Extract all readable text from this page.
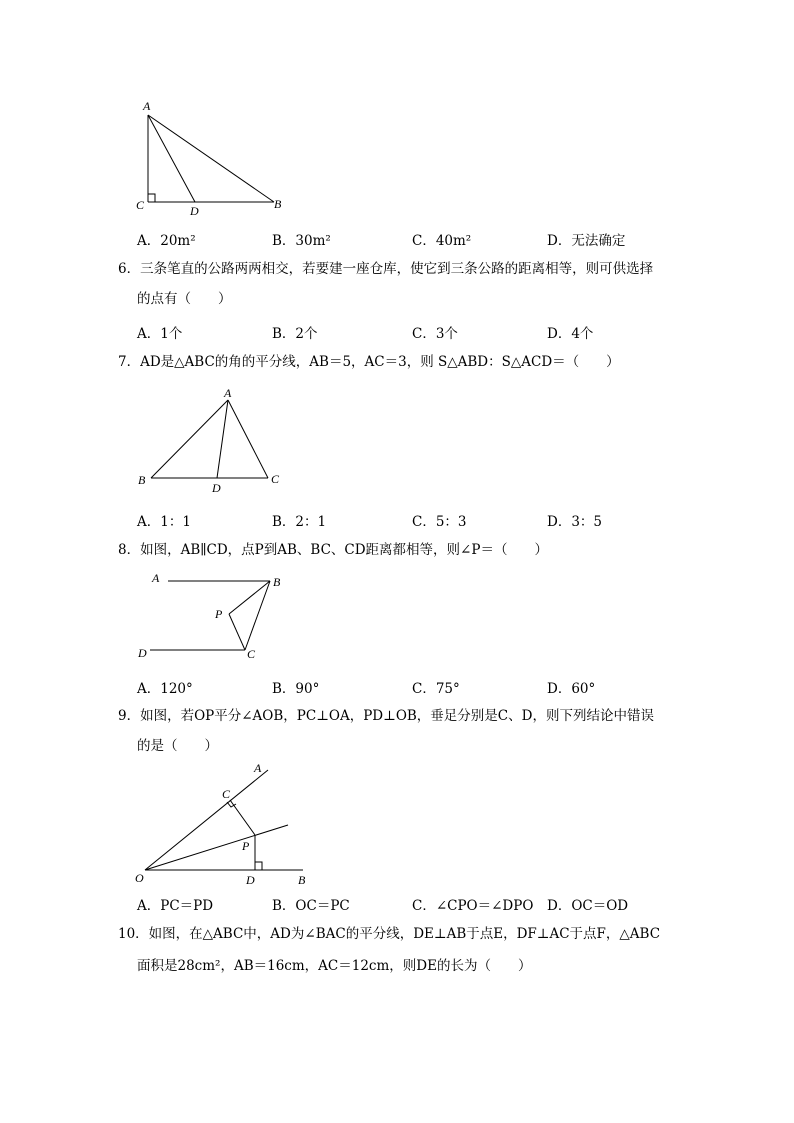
A
C	D	B
A．20m²	B．30m²	C．40m²	D．无法确定
6．三条笔直的公路两两相交，若要建一座仓库，使它到三条公路的距离相等，则可供选择
的点有（　　）
A．1个	B．2个	C．3个	D．4个
7．AD是△ABC的角的平分线，AB＝5，AC＝3，则 S△ABD：S△ACD＝（　　）
A
B
D
C
A．1：1	B．2：1	C．5：3	D．3：5
8．如图，AB∥CD，点P到AB、BC、CD距离都相等，则∠P＝（　　）
A	B
P
D	C
A．120°	B．90°	C．75°	D．60°
9．如图，若OP平分∠AOB，PC⊥OA，PD⊥OB，垂足分别是C、D，则下列结论中错误
的是（　　）
A
C
P
O	D	B
A．PC＝PD	B．OC＝PC	C．∠CPO＝∠DPO D．OC＝OD
10．如图，在△ABC中，AD为∠BAC的平分线，DE⊥AB于点E，DF⊥AC于点F，△ABC
面积是28cm²，AB＝16cm，AC＝12cm，则DE的长为（　　）
